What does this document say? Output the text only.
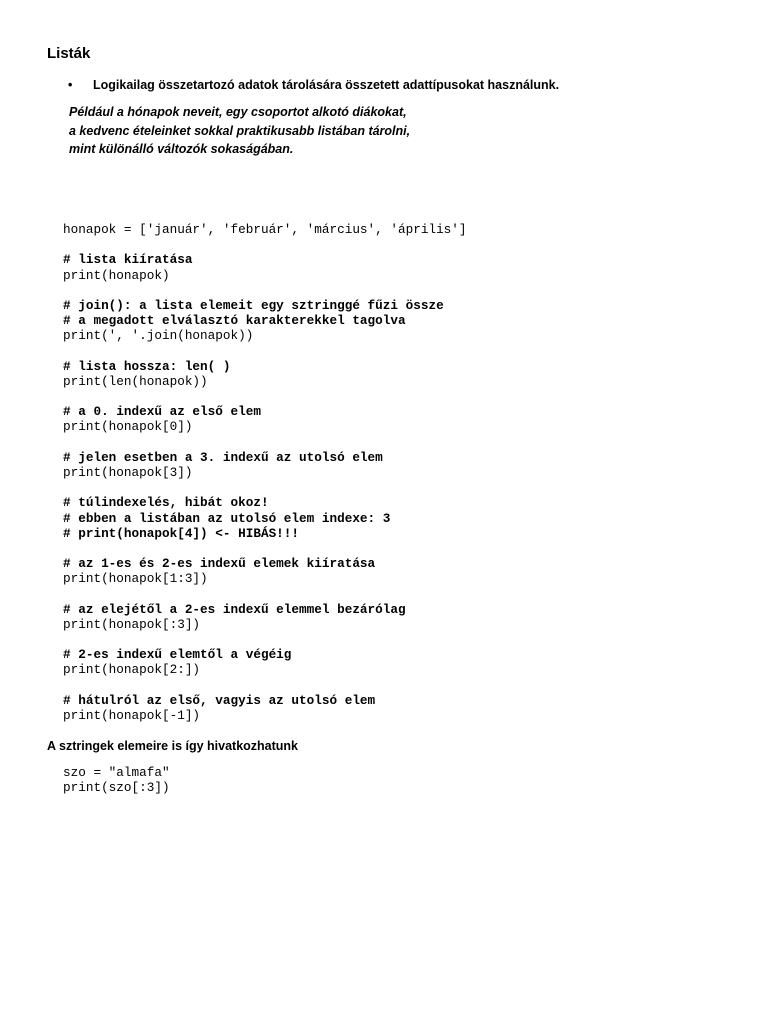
Listák
• Logikailag összetartozó adatok tárolására összetett adattípusokat használunk.
Például a hónapok neveit, egy csoportot alkotó diákokat,
a kedvenc ételeinket sokkal praktikusabb listában tárolni,
mint különálló változók sokaságában.
honapok = ['január', 'február', 'március', 'április']
# lista kiíratása
print(honapok)
# join(): a lista elemeit egy sztringgé fűzi össze
# a megadott elválasztó karakterekkel tagolva
print(', '.join(honapok))
# lista hossza: len( )
print(len(honapok))
# a 0. indexű az első elem
print(honapok[0])
# jelen esetben a 3. indexű az utolsó elem
print(honapok[3])
# túlindexelés, hibát okoz!
# ebben a listában az utolsó elem indexe: 3
# print(honapok[4]) <- HIBÁS!!!
# az 1-es és 2-es indexű elemek kiíratása
print(honapok[1:3])
# az elejétől a 2-es indexű elemmel bezárólag
print(honapok[:3])
# 2-es indexű elemtől a végéig
print(honapok[2:])
# hátulról az első, vagyis az utolsó elem
print(honapok[-1])
A sztringek elemeire is így hivatkozhatunk
szo = "almafa"
print(szo[:3])
